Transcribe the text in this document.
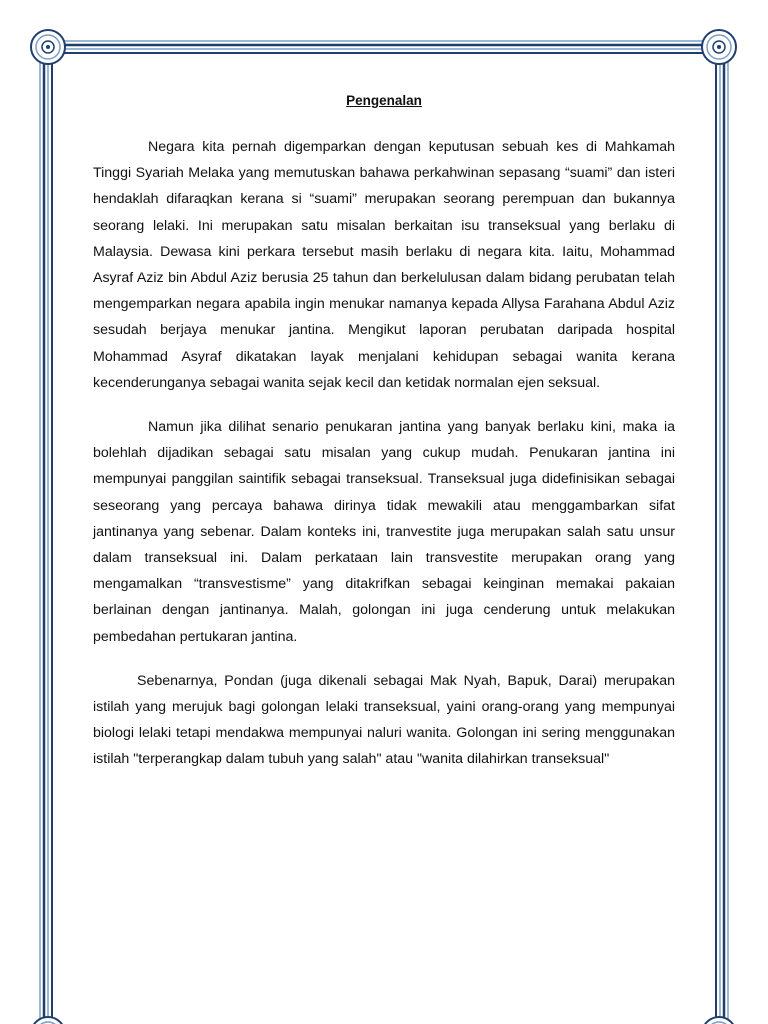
Pengenalan

Negara kita pernah digemparkan dengan keputusan sebuah kes di Mahkamah Tinggi Syariah Melaka yang memutuskan bahawa perkahwinan sepasang “suami” dan isteri hendaklah difaraqkan kerana si “suami” merupakan seorang perempuan dan bukannya seorang lelaki. Ini merupakan satu misalan berkaitan isu transeksual yang berlaku di Malaysia. Dewasa kini perkara tersebut masih berlaku di negara kita. Iaitu, Mohammad Asyraf Aziz bin Abdul Aziz berusia 25 tahun dan berkelulusan dalam bidang perubatan telah mengemparkan negara apabila ingin menukar namanya kepada Allysa Farahana Abdul Aziz sesudah berjaya menukar jantina. Mengikut laporan perubatan daripada hospital Mohammad Asyraf dikatakan layak menjalani kehidupan sebagai wanita kerana kecenderunganya sebagai wanita sejak kecil dan ketidak normalan ejen seksual.

Namun jika dilihat senario penukaran jantina yang banyak berlaku kini, maka ia bolehlah dijadikan sebagai satu misalan yang cukup mudah. Penukaran jantina ini mempunyai panggilan saintifik sebagai transeksual. Transeksual juga didefinisikan sebagai seseorang yang percaya bahawa dirinya tidak mewakili atau menggambarkan sifat jantinanya yang sebenar. Dalam konteks ini, tranvestite juga merupakan salah satu unsur dalam transeksual ini. Dalam perkataan lain transvestite merupakan orang yang mengamalkan “transvestisme” yang ditakrifkan sebagai keinginan memakai pakaian berlainan dengan jantinanya. Malah, golongan ini juga cenderung untuk melakukan pembedahan pertukaran jantina.

Sebenarnya, Pondan (juga dikenali sebagai Mak Nyah, Bapuk, Darai) merupakan istilah yang merujuk bagi golongan lelaki transeksual, yaini orang-orang yang mempunyai biologi lelaki tetapi mendakwa mempunyai naluri wanita. Golongan ini sering menggunakan istilah "terperangkap dalam tubuh yang salah" atau "wanita dilahirkan transeksual"
